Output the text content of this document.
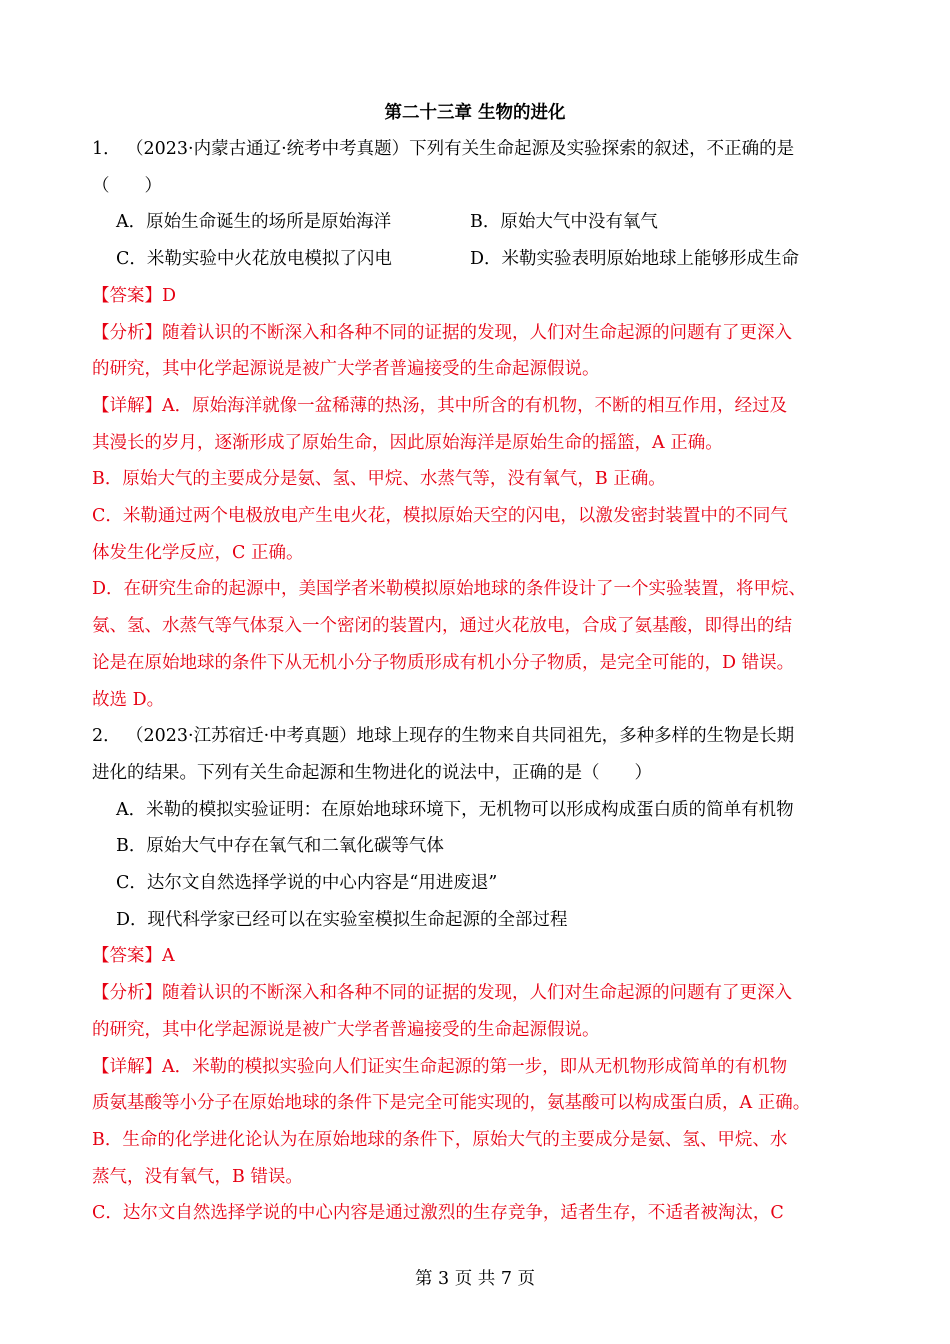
第二十三章 生物的进化
1． （2023·内蒙古通辽·统考中考真题）下列有关生命起源及实验探索的叙述，不正确的是
（　　）
A．原始生命诞生的场所是原始海洋	B．原始大气中没有氧气
C．米勒实验中火花放电模拟了闪电	D．米勒实验表明原始地球上能够形成生命
【答案】D
【分析】随着认识的不断深入和各种不同的证据的发现，人们对生命起源的问题有了更深入
的研究，其中化学起源说是被广大学者普遍接受的生命起源假说。
【详解】A．原始海洋就像一盆稀薄的热汤，其中所含的有机物，不断的相互作用，经过及
其漫长的岁月，逐渐形成了原始生命，因此原始海洋是原始生命的摇篮，A 正确。
B．原始大气的主要成分是氨、氢、甲烷、水蒸气等，没有氧气，B 正确。
C．米勒通过两个电极放电产生电火花，模拟原始天空的闪电，以激发密封装置中的不同气
体发生化学反应，C 正确。
D．在研究生命的起源中，美国学者米勒模拟原始地球的条件设计了一个实验装置，将甲烷、
氨、氢、水蒸气等气体泵入一个密闭的装置内，通过火花放电，合成了氨基酸，即得出的结
论是在原始地球的条件下从无机小分子物质形成有机小分子物质，是完全可能的，D 错误。
故选 D。
2． （2023·江苏宿迁·中考真题）地球上现存的生物来自共同祖先，多种多样的生物是长期
进化的结果。下列有关生命起源和生物进化的说法中，正确的是（　　）
A．米勒的模拟实验证明：在原始地球环境下，无机物可以形成构成蛋白质的简单有机物
B．原始大气中存在氧气和二氧化碳等气体
C．达尔文自然选择学说的中心内容是“用进废退”
D．现代科学家已经可以在实验室模拟生命起源的全部过程
【答案】A
【分析】随着认识的不断深入和各种不同的证据的发现，人们对生命起源的问题有了更深入
的研究，其中化学起源说是被广大学者普遍接受的生命起源假说。
【详解】A．米勒的模拟实验向人们证实生命起源的第一步，即从无机物形成简单的有机物
质氨基酸等小分子在原始地球的条件下是完全可能实现的，氨基酸可以构成蛋白质，A 正确。
B．生命的化学进化论认为在原始地球的条件下，原始大气的主要成分是氨、氢、甲烷、水
蒸气，没有氧气，B 错误。
C．达尔文自然选择学说的中心内容是通过激烈的生存竞争，适者生存，不适者被淘汰，C
第 3 页 共 7 页
